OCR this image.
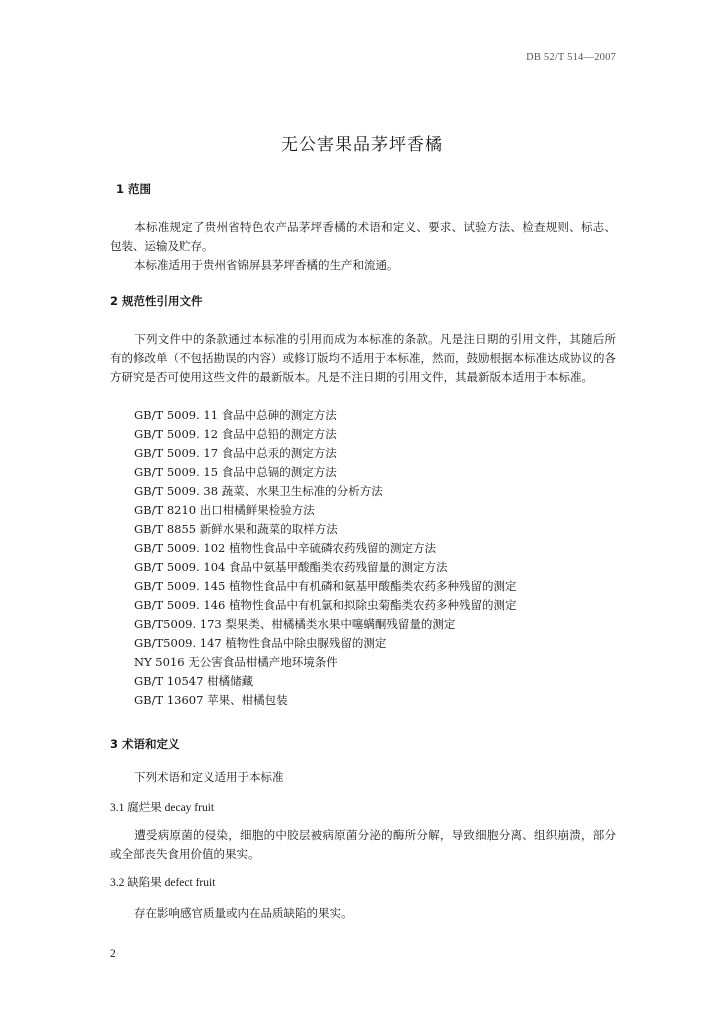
DB 52/T 514—2007
无公害果品茅坪香橘
1 范围
本标准规定了贵州省特色农产品茅坪香橘的术语和定义、要求、试验方法、检查规则、标志、包装、运输及贮存。
本标准适用于贵州省锦屏县茅坪香橘的生产和流通。
2 规范性引用文件
下列文件中的条款通过本标准的引用而成为本标准的条款。凡是注日期的引用文件，其随后所有的修改单（不包括勘误的内容）或修订版均不适用于本标准，然而，鼓励根据本标准达成协议的各方研究是否可使用这些文件的最新版本。凡是不注日期的引用文件，其最新版本适用于本标准。
GB/T 5009. 11 食品中总砷的测定方法
GB/T 5009. 12 食品中总铅的测定方法
GB/T 5009. 17 食品中总汞的测定方法
GB/T 5009. 15 食品中总镉的测定方法
GB/T 5009. 38 蔬菜、水果卫生标准的分析方法
GB/T 8210 出口柑橘鲜果检验方法
GB/T 8855 新鲜水果和蔬菜的取样方法
GB/T 5009. 102 植物性食品中辛硫磷农药残留的测定方法
GB/T 5009. 104 食品中氨基甲酸酯类农药残留量的测定方法
GB/T 5009. 145 植物性食品中有机磷和氨基甲酸酯类农药多种残留的测定
GB/T 5009. 146 植物性食品中有机氯和拟除虫菊酯类农药多种残留的测定
GB/T5009. 173 梨果类、柑橘橘类水果中噻螨酮残留量的测定
GB/T5009. 147 植物性食品中除虫脲残留的测定
NY 5016 无公害食品柑橘产地环境条件
GB/T 10547 柑橘储藏
GB/T 13607 苹果、柑橘包装
3 术语和定义
下列术语和定义适用于本标准
3.1 腐烂果 decay fruit
遭受病原菌的侵染，细胞的中胶层被病原菌分泌的酶所分解，导致细胞分离、组织崩溃，部分或全部丧失食用价值的果实。
3.2 缺陷果 defect fruit
存在影响感官质量或内在品质缺陷的果实。
2
